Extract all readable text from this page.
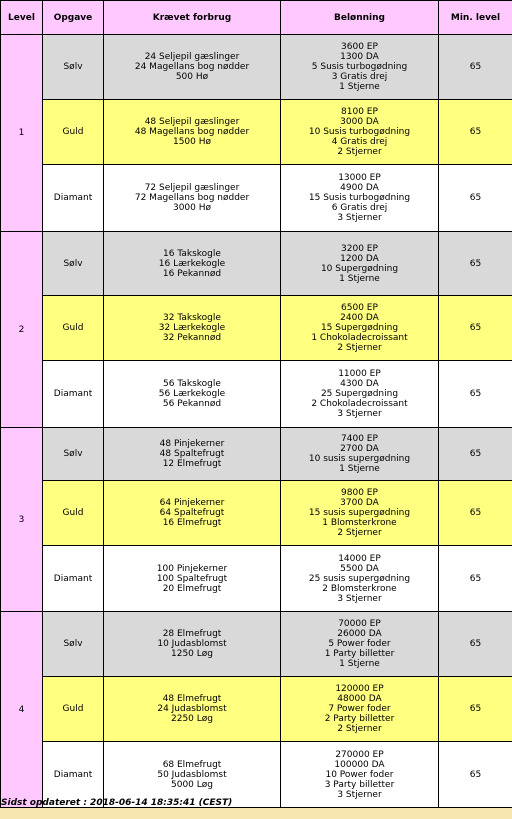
Level	Opgave	Krævet forbrug	Belønning	Min. level
1	Sølv	24 Seljepil gæslinger
24 Magellans bog nødder
500 Hø	3600 EP
1300 DA
5 Susis turbogødning
3 Gratis drej
1 Stjerne	65
	Guld	48 Seljepil gæslinger
48 Magellans bog nødder
1500 Hø	8100 EP
3000 DA
10 Susis turbogødning
4 Gratis drej
2 Stjerner	65
	Diamant	72 Seljepil gæslinger
72 Magellans bog nødder
3000 Hø	13000 EP
4900 DA
15 Susis turbogødning
6 Gratis drej
3 Stjerner	65
2	Sølv	16 Takskogle
16 Lærkekogle
16 Pekannød	3200 EP
1200 DA
10 Supergødning
1 Stjerne	65
	Guld	32 Takskogle
32 Lærkekogle
32 Pekannød	6500 EP
2400 DA
15 Supergødning
1 Chokoladecroissant
2 Stjerner	65
	Diamant	56 Takskogle
56 Lærkekogle
56 Pekannød	11000 EP
4300 DA
25 Supergødning
2 Chokoladecroissant
3 Stjerner	65
3	Sølv	48 Pinjekerner
48 Spaltefrugt
12 Elmefrugt	7400 EP
2700 DA
10 susis supergødning
1 Stjerne	65
	Guld	64 Pinjekerner
64 Spaltefrugt
16 Elmefrugt	9800 EP
3700 DA
15 susis supergødning
1 Blomsterkrone
2 Stjerner	65
	Diamant	100 Pinjekerner
100 Spaltefrugt
20 Elmefrugt	14000 EP
5500 DA
25 susis supergødning
2 Blomsterkrone
3 Stjerner	65
4	Sølv	28 Elmefrugt
10 Judasblomst
1250 Løg	70000 EP
26000 DA
5 Power foder
1 Party billetter
1 Stjerne	65
	Guld	48 Elmefrugt
24 Judasblomst
2250 Løg	120000 EP
48000 DA
7 Power foder
2 Party billetter
2 Stjerner	65
	Diamant	68 Elmefrugt
50 Judasblomst
5000 Løg	270000 EP
100000 DA
10 Power foder
3 Party billetter
3 Stjerner	65
Sidst opdateret : 2018-06-14 18:35:41 (CEST)
